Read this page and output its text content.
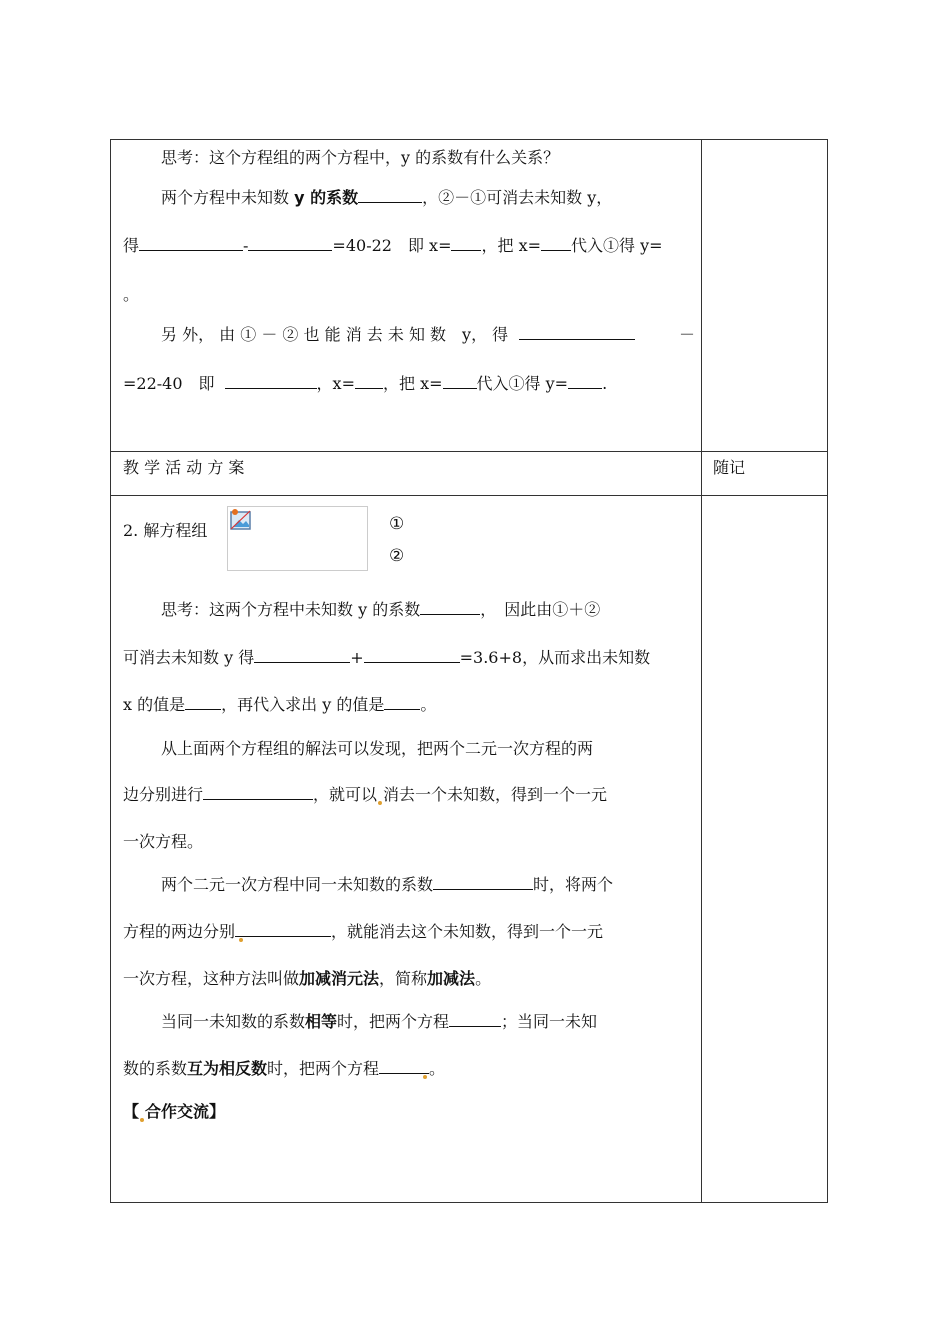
思考：这个方程组的两个方程中，y 的系数有什么关系？
两个方程中未知数 y 的系数	，②－①可消去未知数 y，
得	-	=40-22　即 x= ，把 x= 代入①得 y=
。
另 外， 由 ① － ② 也 能 消 去 未 知 数　y， 得	－
=22-40　即	，x= ，把 x= 代入①得 y= .
教 学 活 动 方 案	随记
2. 解方程组	①
②
思考：这两个方程中未知数 y 的系数	，　因此由①＋②
可消去未知数 y 得	+	=3.6+8，从而求出未知数
x 的值是 ，再代入求出 y 的值是 。
从上面两个方程组的解法可以发现，把两个二元一次方程的两
边分别进行	，就可以 消去一个未知数，得到一个一元
一次方程。
两个二元一次方程中同一未知数的系数	时，将两个
方程的两边分别	，就能消去这个未知数，得到一个一元
一次方程，这种方法叫做加减消元法，简称加减法。
当同一未知数的系数相等时，把两个方程	；当同一未知
数的系数互为相反数时，把两个方程	。
【 合作交流】
